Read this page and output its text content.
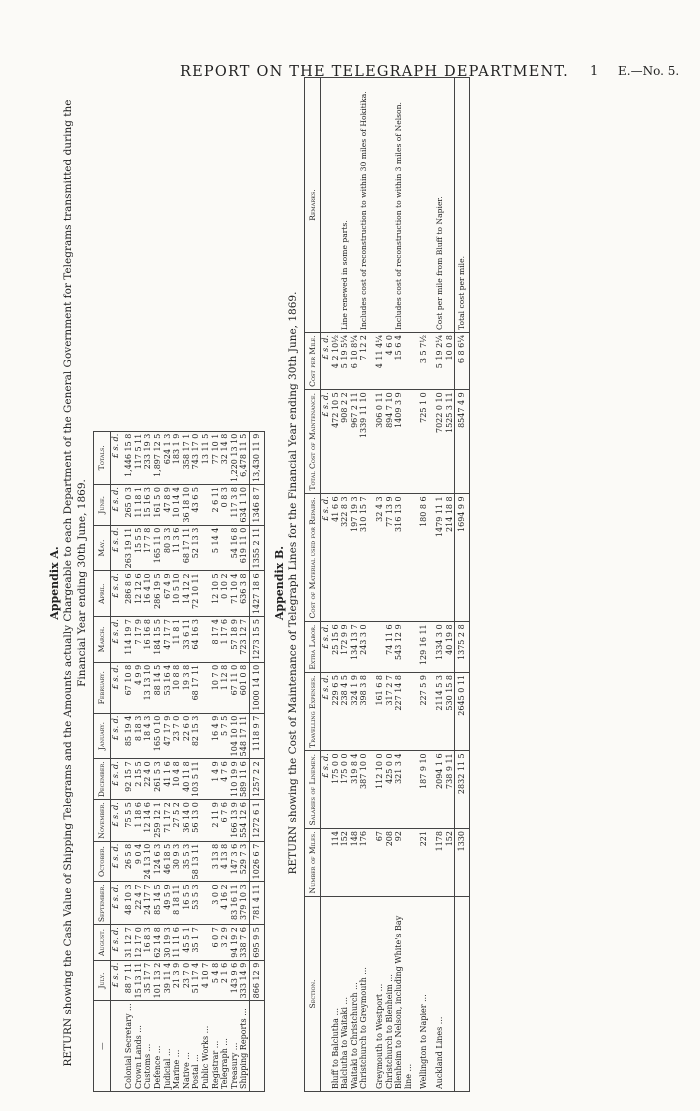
REPORT ON THE TELEGRAPH DEPARTMENT. 1 E.—No. 5.
Appendix A. RETURN showing the Cash Value of Shipping Telegrams and the Amounts actually Chargeable to each Department of the General Government for Telegrams transmitted during the Financial Year ending 30th June, 1869.
—	July.	August.	September.	October.	November.	December.	January.	February.	March.	April.	May.	June.	Totals.
	£ s. d.	£ s. d.	£ s. d.	£ s. d.	£ s. d.	£ s. d.	£ s. d.	£ s. d.	£ s. d.	£ s. d.	£ s. d.	£ s. d.	£ s. d.
Colonial Secretary ...	88 7 11	31 12 7	48 10 3	26 5 8	75 5 5	92 15 7	85 19 4	67 10 8	114 19 7	286 8 6	263 19 11	265 0 3	1,446 15 8
Crown Lands ...	15 13 11	12 17 0	22 4 7	9 0 4	1 18 6	2 15 5	8 18 3	4 9 9	7 17 9	12 12 6	15 5 5	11 18 1	117 5 11
Customs ...	35 17 7	16 8 3	24 17 7	24 13 10	12 14 6	22 4 0	18 4 3	13 13 10	16 16 8	16 4 10	17 7 8	15 16 3	233 19 3
Defence ...	101 13 2	62 14 8	85 14 5	124 6 3	259 12 1	261 5 3	165 0 10	88 14 5	184 15 5	286 19 5	165 11 0	161 5 0	1,897 12 5
Judicial ...	39 11 4	30 19 3	49 5 9	46 18 5	71 17 2	41 1 6	47 17 9	53 16 4	47 17 7	67 4 9	80 3 3	47 8 9	624 1 3
Marine ...	21 3 9	11 11 6	8 18 11	30 9 3	27 5 2	10 4 8	23 7 0	10 8 8	11 8 1	10 5 10	11 3 6	10 14 4	183 1 9
Native ...	23 7 0	45 5 1	16 5 5	35 5 3	36 14 0	40 11 8	22 6 0	19 3 8	33 6 11	14 12 2	68 17 11	36 18 10	358 17 1
Postal ...	51 17 4	35 1 7	53 5 3	58 13 11	56 13 0	103 5 11	82 15 3	68 17 11	64 16 3	72 10 11	52 13 3	43 6 5	743 17 0
Public Works ...	4 10 7												13 11 5
Registrar ...	5 4 8	6 0 7	3 0 0	3 13 8	2 11 9	1 4 9	16 4 9	10 7 0	8 17 4	12 10 5	5 14 4	2 6 11	77 10 1
Telegraph ...	2 1 6	3 2 9	4 16 2	4 13 8	6 7 6	4 7 6	5 7 5	1 12 8	1 17 6	0 10 2		0 8 3	32 14 8
Treasury ...	143 9 6	94 19 2	83 16 11	147 3 6	166 13 9	110 19 9	104 10 10	67 11 0	57 18 9	71 10 4	54 16 8	117 3 8	1,220 13 10
Shipping Reports ...	333 14 9	338 7 6	379 10 3	529 7 3	554 12 6	589 11 6	548 17 11	601 0 8	723 12 7	636 3 8	619 11 0	634 1 10	6,478 11 5
	866 12 9	695 9 5	781 4 11	1026 6 7	1272 6 1	1257 2 2	1118 9 7	1000 14 10	1273 15 5	1427 18 6	1355 2 11	1346 8 7	13,430 11 9
Appendix B. RETURN showing the Cost of Maintenance of Telegraph Lines for the Financial Year ending 30th June, 1869.
Section.	Number of Miles.	Salaries of Linemen.	Travelling Expenses.	Extra Labor.	Cost of Material used for Repairs.	Total Cost of Maintenance.	Cost per Mile.	Remarks.
		£ s. d.	£ s. d.	£ s. d.	£ s. d.	£ s. d.	£ s. d.	
Bluff to Balclutha ...	114	175 0 0	229 6 5	25 15 6	41 6 6	472 10 5	4 2 10½	
Balclutha to Waitaki ...	152	175 0 0	238 4 5	172 9 9	322 8 3	908 2 2	5 19 5¼	Line renewed in some parts.
Waitaki to Christchurch ...	148	319 8 4	324 1 9	134 13 7	197 19 3	967 2 11	6 10 8¼	
Christchurch to Greymouth ...	176	387 10 0	398 3 8	243 3 0	310 15 7	1339 11 10	7 12 2	Includes cost of reconstruction to within 30 miles of Hokitika.

Greymouth to Westport ...	67	112 10 0	161 6 8		32 4 3	306 0 11	4 11 4¼	
Christchurch to Blenheim ...	208	425 0 0	317 2 7	74 11 6	77 13 9	894 7 10	4 6 0	
Blenheim to Nelson, including White's Bay line ...	92	321 3 4	227 14 8	543 12 9	316 13 0	1409 3 9	15 6 4	Includes cost of reconstruction to within 3 miles of Nelson.

Wellington to Napier ...	221	187 9 10	227 5 9	129 16 11	180 8 6	725 1 0	3 5 7½	

Auckland Lines ...	1178	2094 1 6	2114 5 3	1334 3 0	1479 11 1	7022 0 10	5 19 2¼	Cost per mile from Bluff to Napier.
	152	738 9 11	530 15 8	40 19 8	214 18 8	1525 3 11	10 0 8	
	1330	2832 11 5	2645 0 11	1375 2 8	1694 9 9	8547 4 9	6 8 6¼	Total cost per mile.
